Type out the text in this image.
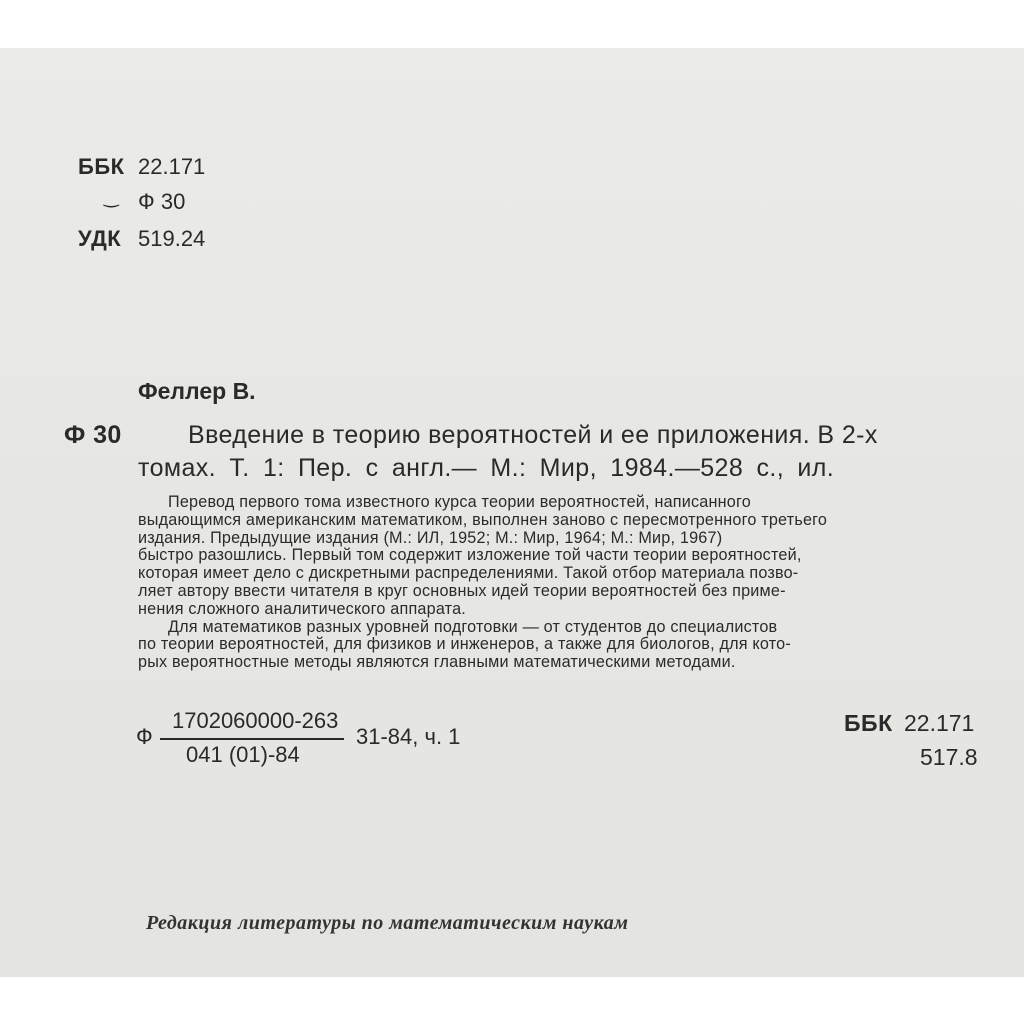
ББК 22.171
‿ Ф 30
УДК 519.24
Феллер В.
Ф 30	Введение в теорию вероятностей и ее приложения. В 2-х
томах. Т. 1: Пер. с англ.— М.: Мир, 1984.—528 с., ил.

Перевод первого тома известного курса теории вероятностей, написанного

выдающимся американским математиком, выполнен заново с пересмотренного третьего

издания. Предыдущие издания (М.: ИЛ, 1952; М.: Мир, 1964; М.: Мир, 1967)

быстро разошлись. Первый том содержит изложение той части теории вероятностей,

которая имеет дело с дискретными распределениями. Такой отбор материала позво-

ляет автору ввести читателя в круг основных идей теории вероятностей без приме-

нения сложного аналитического аппарата.

Для математиков разных уровней подготовки — от студентов до специалистов

по теории вероятностей, для физиков и инженеров, а также для биологов, для кото-

рых вероятностные методы являются главными математическими методами.

Ф
1702060000-263
041 (01)-84
31-84, ч. 1
ББК 22.171
517.8
Редакция литературы по математическим наукам
